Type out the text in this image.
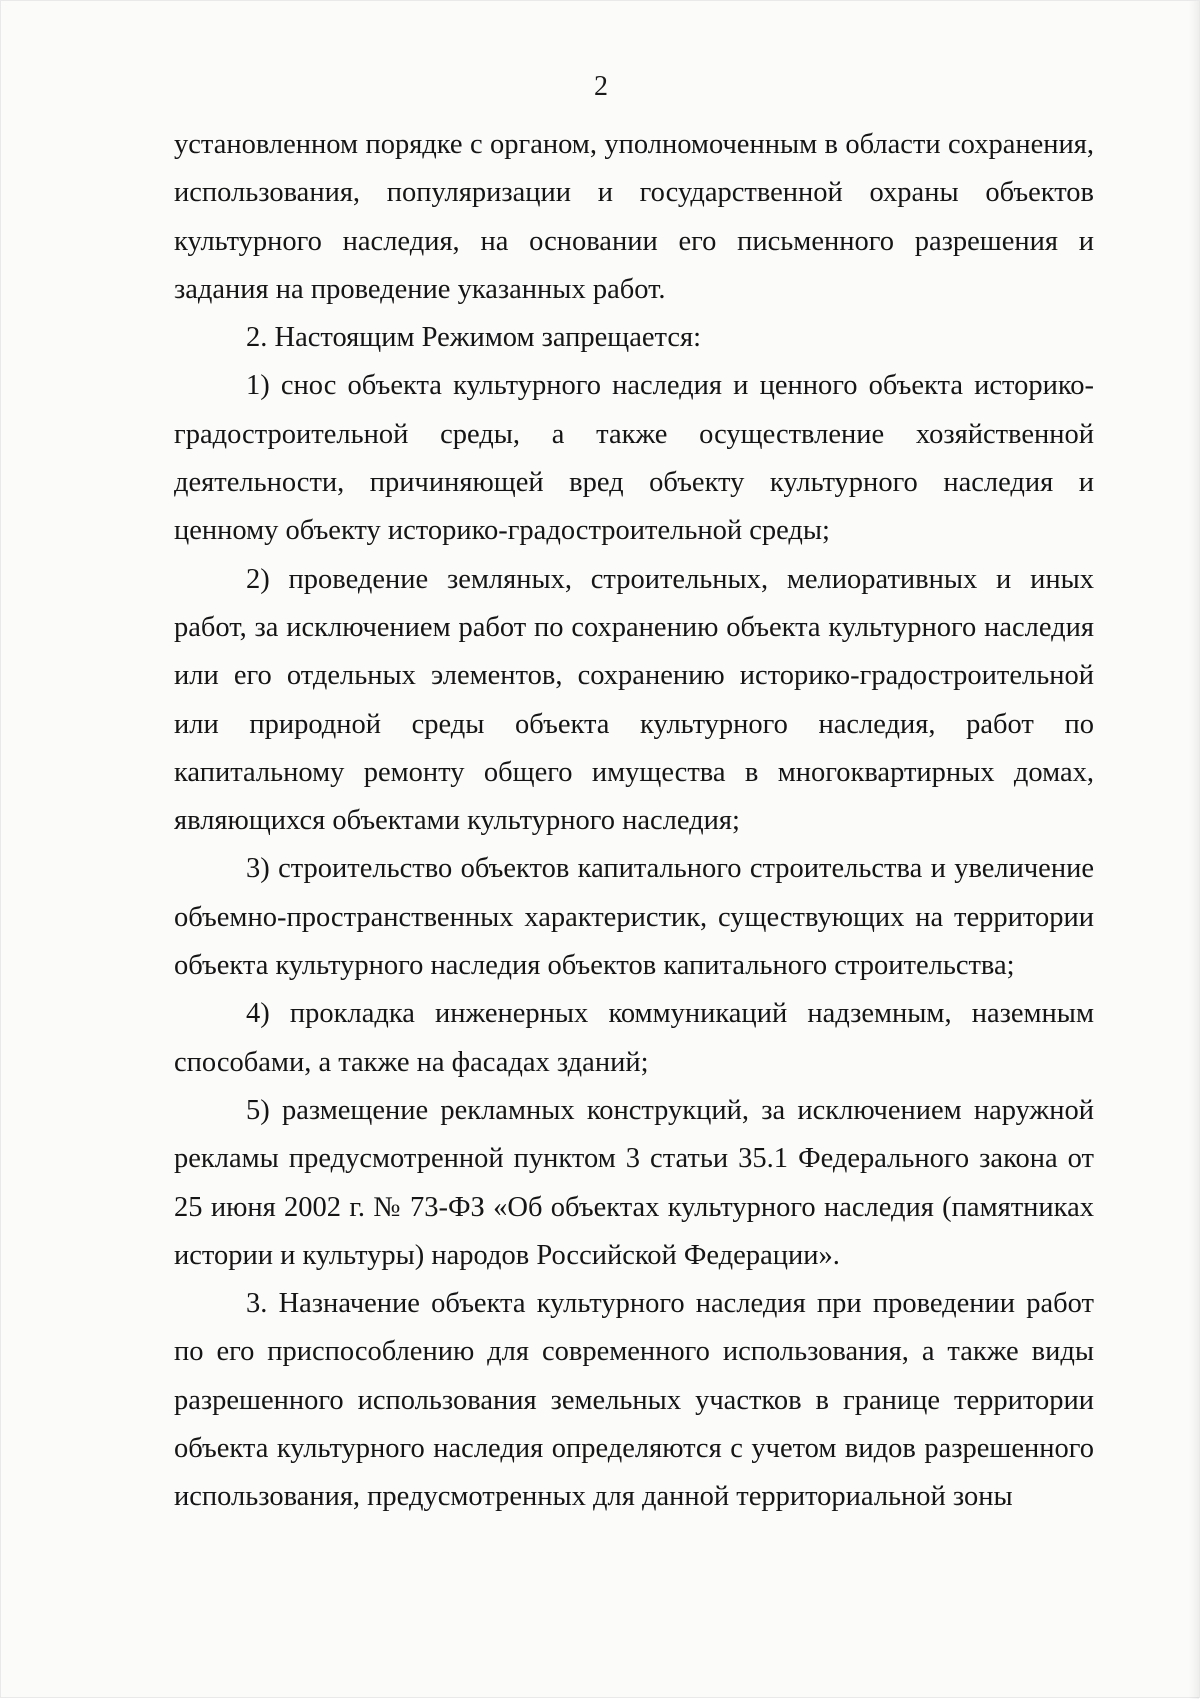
2

установленном порядке с органом, уполномоченным в области сохранения, использования, популяризации и государственной охраны объектов культурного наследия, на основании его письменного разрешения и задания на проведение указанных работ.

2. Настоящим Режимом запрещается:

1) снос объекта культурного наследия и ценного объекта историко-градостроительной среды, а также осуществление хозяйственной деятельности, причиняющей вред объекту культурного наследия и ценному объекту историко-градостроительной среды;

2) проведение земляных, строительных, мелиоративных и иных работ, за исключением работ по сохранению объекта культурного наследия или его отдельных элементов, сохранению историко-градостроительной или природной среды объекта культурного наследия, работ по капитальному ремонту общего имущества в многоквартирных домах, являющихся объектами культурного наследия;

3) строительство объектов капитального строительства и увеличение объемно-пространственных характеристик, существующих на территории объекта культурного наследия объектов капитального строительства;

4) прокладка инженерных коммуникаций надземным, наземным способами, а также на фасадах зданий;

5) размещение рекламных конструкций, за исключением наружной рекламы предусмотренной пунктом 3 статьи 35.1 Федерального закона от 25 июня 2002 г. № 73-ФЗ «Об объектах культурного наследия (памятниках истории и культуры) народов Российской Федерации».

3. Назначение объекта культурного наследия при проведении работ по его приспособлению для современного использования, а также виды разрешенного использования земельных участков в границе территории объекта культурного наследия определяются с учетом видов разрешенного использования, предусмотренных для данной территориальной зоны
